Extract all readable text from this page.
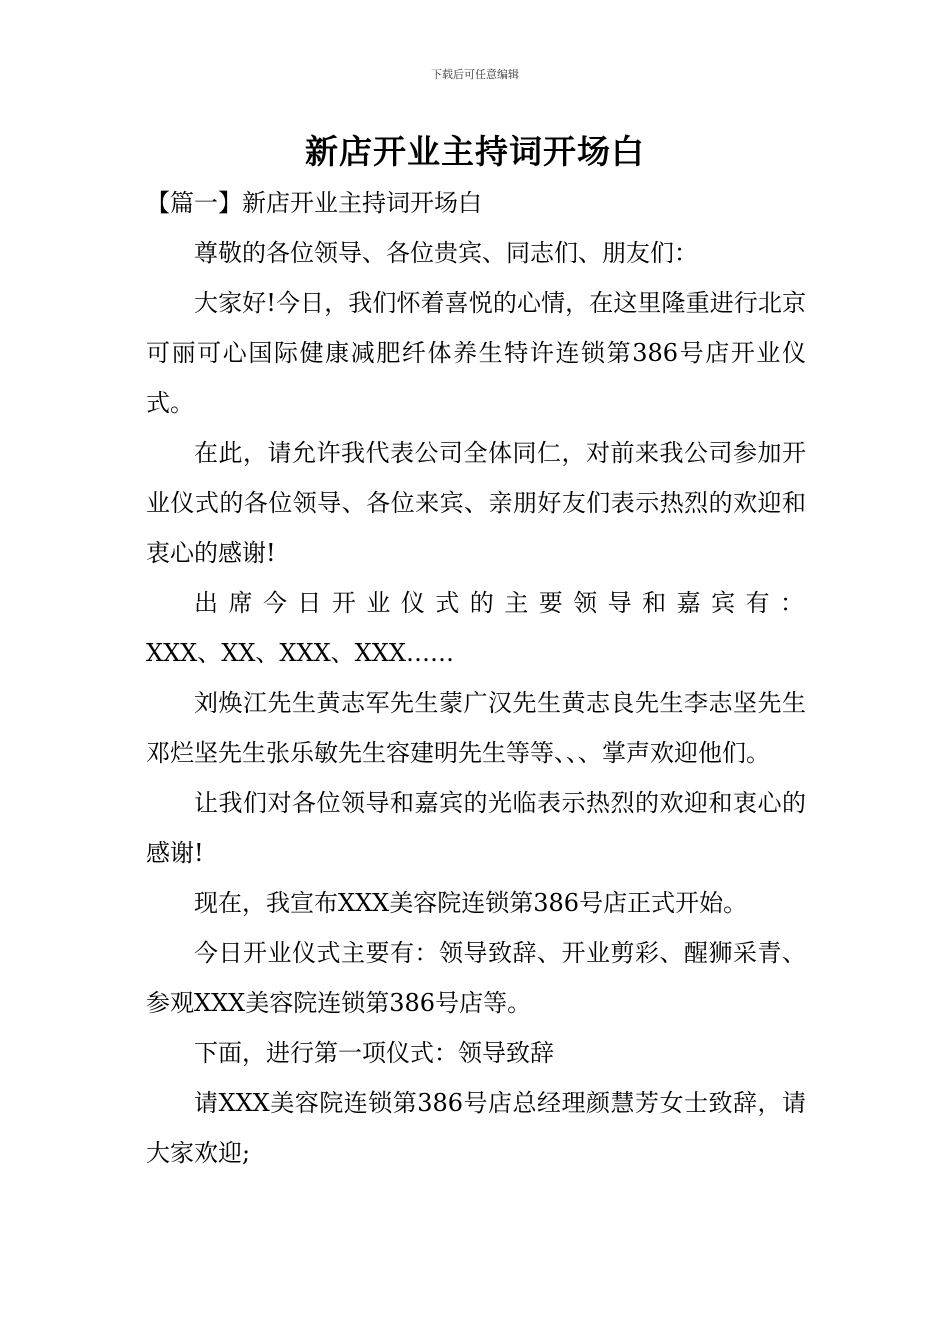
下载后可任意编辑
新店开业主持词开场白

【篇一】新店开业主持词开场白

尊敬的各位领导、各位贵宾、同志们、朋友们：

大家好!今日，我们怀着喜悦的心情，在这里隆重进行北京可丽可心国际健康减肥纤体养生特许连锁第386号店开业仪式。

在此，请允许我代表公司全体同仁，对前来我公司参加开业仪式的各位领导、各位来宾、亲朋好友们表示热烈的欢迎和衷心的感谢!

出席今日开业仪式的主要领导和嘉宾有：

XXX、XX、XXX、XXX……

刘焕江先生黄志军先生蒙广汉先生黄志良先生李志坚先生邓烂坚先生张乐敏先生容建明先生等等、、、掌声欢迎他们。

让我们对各位领导和嘉宾的光临表示热烈的欢迎和衷心的感谢!

现在，我宣布XXX美容院连锁第386号店正式开始。

今日开业仪式主要有：领导致辞、开业剪彩、醒狮采青、参观XXX美容院连锁第386号店等。

下面，进行第一项仪式：领导致辞

请XXX美容院连锁第386号店总经理颜慧芳女士致辞，请大家欢迎;
